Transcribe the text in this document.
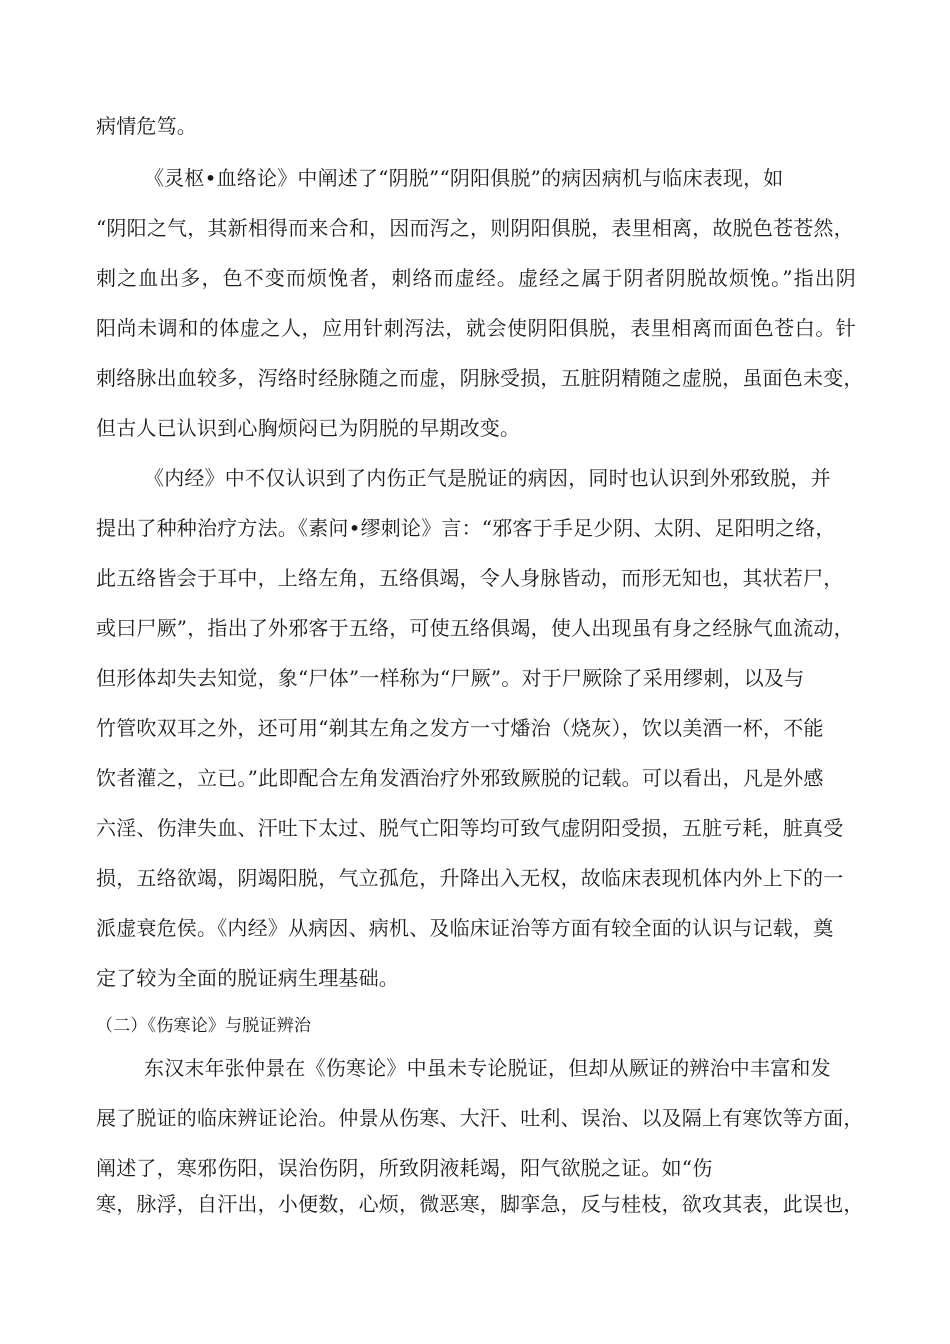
病情危笃。
《灵枢•血络论》中阐述了“阴脱”“阴阳俱脱”的病因病机与临床表现，如
“阴阳之气，其新相得而来合和，因而泻之，则阴阳俱脱，表里相离，故脱色苍苍然，
刺之血出多，色不变而烦悗者，刺络而虚经。虚经之属于阴者阴脱故烦悗。”指出阴
阳尚未调和的体虚之人，应用针刺泻法，就会使阴阳俱脱，表里相离而面色苍白。针
刺络脉出血较多，泻络时经脉随之而虚，阴脉受损，五脏阴精随之虚脱，虽面色未变，
但古人已认识到心胸烦闷已为阴脱的早期改变。
《内经》中不仅认识到了内伤正气是脱证的病因，同时也认识到外邪致脱，并
提出了种种治疗方法。《素问•缪刺论》言：“邪客于手足少阴、太阴、足阳明之络，
此五络皆会于耳中，上络左角，五络俱竭，令人身脉皆动，而形无知也，其状若尸，
或曰尸厥”，指出了外邪客于五络，可使五络俱竭，使人出现虽有身之经脉气血流动，
但形体却失去知觉，象“尸体”一样称为“尸厥”。对于尸厥除了采用缪刺，以及与
竹管吹双耳之外，还可用“剃其左角之发方一寸燔治（烧灰），饮以美酒一杯，不能
饮者灌之，立已。”此即配合左角发酒治疗外邪致厥脱的记载。可以看出，凡是外感
六淫、伤津失血、汗吐下太过、脱气亡阳等均可致气虚阴阳受损，五脏亏耗，脏真受
损，五络欲竭，阴竭阳脱，气立孤危，升降出入无权，故临床表现机体内外上下的一
派虚衰危侯。《内经》从病因、病机、及临床证治等方面有较全面的认识与记载，奠
定了较为全面的脱证病生理基础。
（二）《伤寒论》与脱证辨治
东汉末年张仲景在《伤寒论》中虽未专论脱证，但却从厥证的辨治中丰富和发
展了脱证的临床辨证论治。仲景从伤寒、大汗、吐利、误治、以及隔上有寒饮等方面，
阐述了，寒邪伤阳，误治伤阴，所致阴液耗竭，阳气欲脱之证。如“伤
寒，脉浮，自汗出，小便数，心烦，微恶寒，脚挛急，反与桂枝，欲攻其表，此误也，
